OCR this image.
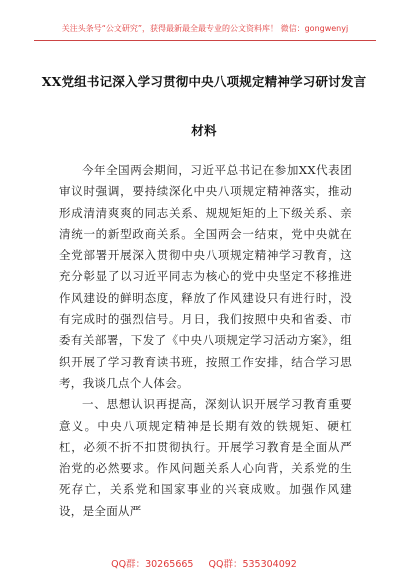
关注头条号“公文研究”，获得最新最全最专业的公文资料库！ 微信：gongwenyj
XX党组书记深入学习贯彻中央八项规定精神学习研讨发言
材料

今年全国两会期间，习近平总书记在参加XX代表团审议时强调，要持续深化中央八项规定精神落实，推动形成清清爽爽的同志关系、规规矩矩的上下级关系、亲清统一的新型政商关系。全国两会一结束，党中央就在全党部署开展深入贯彻中央八项规定精神学习教育，这充分彰显了以习近平同志为核心的党中央坚定不移推进作风建设的鲜明态度，释放了作风建设只有进行时，没有完成时的强烈信号。月日，我们按照中央和省委、市委有关部署，下发了《中央八项规定学习活动方案》，组织开展了学习教育读书班，按照工作安排，结合学习思考，我谈几点个人体会。

一、思想认识再提高，深刻认识开展学习教育重要意义。中央八项规定精神是长期有效的铁规矩、硬杠杠，必须不折不扣贯彻执行。开展学习教育是全面从严治党的必然要求。作风问题关系人心向背，关系党的生死存亡，关系党和国家事业的兴衰成败。加强作风建设，是全面从严

QQ群：30265665 QQ群：535304092
